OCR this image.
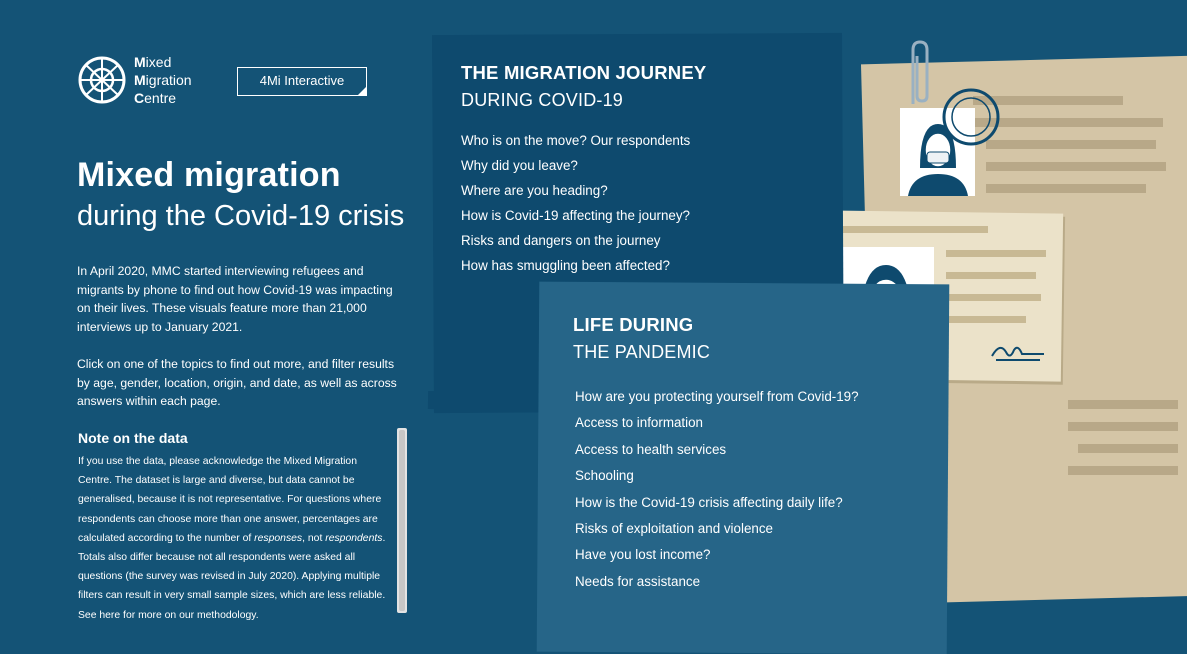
Mixed
Migration
Centre
4Mi Interactive
Mixed migration
during the Covid-19 crisis
In April 2020, MMC started interviewing refugees and migrants by phone to find out how Covid-19 was impacting on their lives. These visuals feature more than 21,000 interviews up to January 2021.
Click on one of the topics to find out more, and filter results by age, gender, location, origin, and date, as well as across answers within each page.
Note on the data
If you use the data, please acknowledge the Mixed Migration Centre. The dataset is large and diverse, but data cannot be generalised, because it is not representative. For questions where respondents can choose more than one answer, percentages are calculated according to the number of responses, not respondents. Totals also differ because not all respondents were asked all questions (the survey was revised in July 2020). Applying multiple filters can result in very small sample sizes, which are less reliable. See here for more on our methodology.
THE MIGRATION JOURNEY
DURING COVID-19
Who is on the move? Our respondents
Why did you leave?
Where are you heading?
How is Covid-19 affecting the journey?
Risks and dangers on the journey
How has smuggling been affected?
LIFE DURING
THE PANDEMIC
How are you protecting yourself from Covid-19?
Access to information
Access to health services
Schooling
How is the Covid-19 crisis affecting daily life?
Risks of exploitation and violence
Have you lost income?
Needs for assistance
